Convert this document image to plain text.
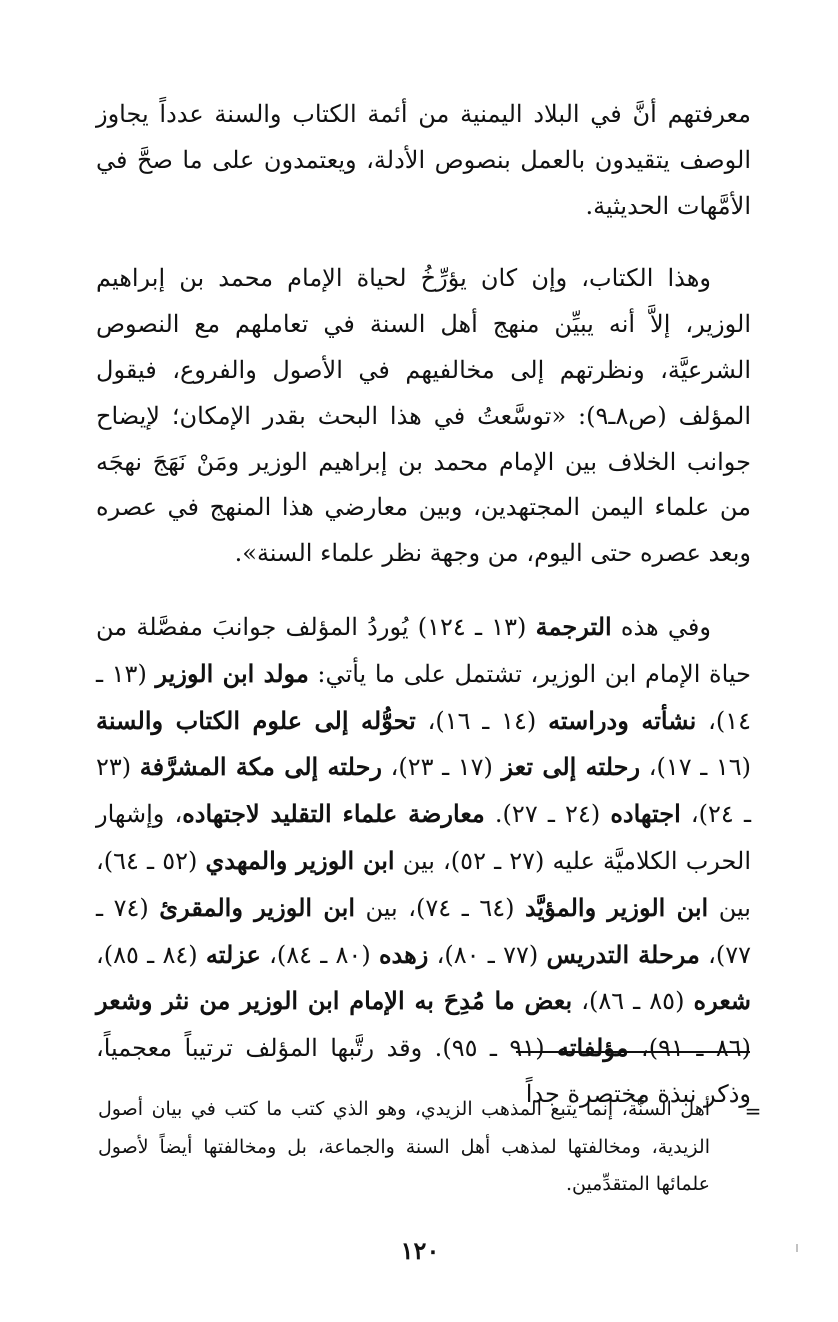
معرفتهم أنَّ في البلاد اليمنية من أئمة الكتاب والسنة عدداً يجاوز الوصف يتقيدون بالعمل بنصوص الأدلة، ويعتمدون على ما صحَّ في الأمَّهات الحديثية.

وهذا الكتاب، وإن كان يؤرِّخُ لحياة الإمام محمد بن إبراهيم الوزير، إلاَّ أنه يبيِّن منهج أهل السنة في تعاملهم مع النصوص الشرعيَّة، ونظرتهم إلى مخالفيهم في الأصول والفروع، فيقول المؤلف (ص٨ـ٩): «توسَّعتُ في هذا البحث بقدر الإمكان؛ لإيضاح جوانب الخلاف بين الإمام محمد بن إبراهيم الوزير ومَنْ نَهَجَ نهجَه من علماء اليمن المجتهدين، وبين معارضي هذا المنهج في عصره وبعد عصره حتى اليوم، من وجهة نظر علماء السنة».

وفي هذه الترجمة (١٣ ـ ١٢٤) يُوردُ المؤلف جوانبَ مفصَّلة من حياة الإمام ابن الوزير، تشتمل على ما يأتي: مولد ابن الوزير (١٣ ـ ١٤)، نشأته ودراسته (١٤ ـ ١٦)، تحوُّله إلى علوم الكتاب والسنة (١٦ ـ ١٧)، رحلته إلى تعز (١٧ ـ ٢٣)، رحلته إلى مكة المشرَّفة (٢٣ ـ ٢٤)، اجتهاده (٢٤ ـ ٢٧). معارضة علماء التقليد لاجتهاده، وإشهار الحرب الكلاميَّة عليه (٢٧ ـ ٥٢)، بين ابن الوزير والمهدي (٥٢ ـ ٦٤)، بين ابن الوزير والمؤيَّد (٦٤ ـ ٧٤)، بين ابن الوزير والمقرئ (٧٤ ـ ٧٧)، مرحلة التدريس (٧٧ ـ ٨٠)، زهده (٨٠ ـ ٨٤)، عزلته (٨٤ ـ ٨٥)، شعره (٨٥ ـ ٨٦)، بعض ما مُدِحَ به الإمام ابن الوزير من نثر وشعر (٨٦ ـ ٩١)، مؤلفاته (٩١ ـ ٩٥). وقد رتَّبها المؤلف ترتيباً معجمياً، وذكر نبذة مختصرة جداً

=

أهل السنَّة، إنما يتبع المذهب الزيدي، وهو الذي كتب ما كتب في بيان أصول الزيدية، ومخالفتها لمذهب أهل السنة والجماعة، بل ومخالفتها أيضاً لأصول علمائها المتقدِّمين.

١٢٠
